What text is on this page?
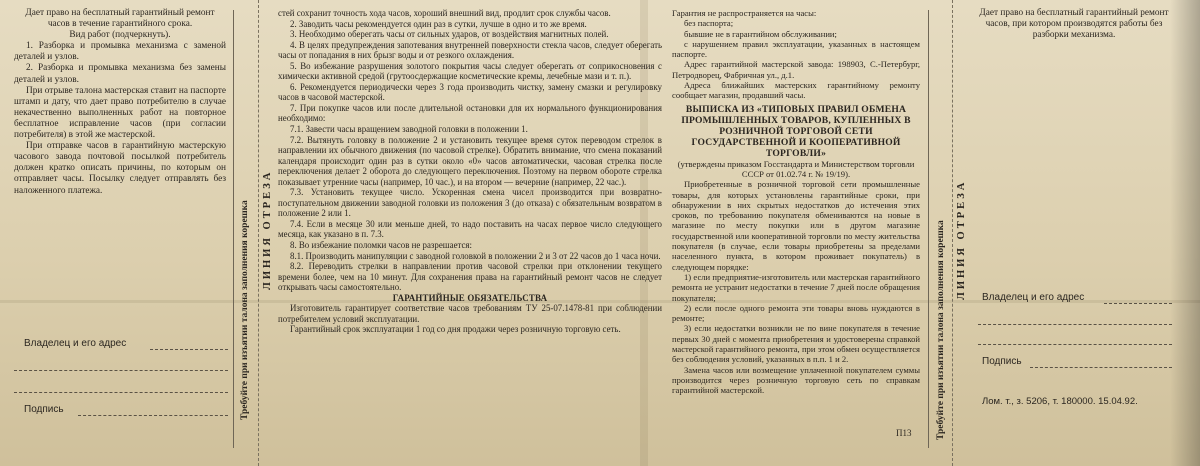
Дает право на бесплатный гарантийный ремонт часов в течение гарантийного срока.

Вид работ (подчеркнуть).

1. Разборка и промывка механизма с заменой деталей и узлов.

2. Разборка и промывка механизма без замены деталей и узлов.

При отрыве талона мастерская ставит на паспорте штамп и дату, что дает право потребителю в случае некачественно выполненных работ на повторное бесплатное исправление часов (при согласии потребителя) в этой же мастерской.

При отправке часов в гарантийную мастерскую часового завода почтовой посылкой потребитель должен кратко описать причины, по которым он отправляет часы. Посылку следует отправлять без наложенного платежа.

Владелец и его адрес
Подпись	Требуйте при изъятии талона заполнения корешка ЛИНИЯ ОТРЕЗА

стей сохранит точность хода часов, хороший внешний вид, продлит срок службы часов.

2. Заводить часы рекомендуется один раз в сутки, лучше в одно и то же время.

3. Необходимо оберегать часы от сильных ударов, от воздействия магнитных полей.

4. В целях предупреждения запотевания внутренней поверхности стекла часов, следует оберегать часы от попадания в них брызг воды и от резкого охлаждения.

5. Во избежание разрушения золотого покрытия часы следует оберегать от соприкосновения с химически активной средой (грутоосдержащие косметические кремы, лечебные мази и т. п.).

6. Рекомендуется периодически через 3 года производить чистку, замену смазки и регулировку часов в часовой мастерской.

7. При покупке часов или после длительной остановки для их нормального функционирования необходимо:

7.1. Завести часы вращением заводной головки в положении 1.

7.2. Вытянуть головку в положение 2 и установить текущее время суток переводом стрелок в направлении их обычного движения (по часовой стрелке). Обратить внимание, что смена показаний календаря происходит один раз в сутки около «0» часов автоматически, часовая стрелка после переключения делает 2 оборота до следующего переключения. Поэтому на первом обороте стрелка показывает утренние часы (например, 10 час.), и на втором — вечерние (например, 22 час.).

7.3. Установить текущее число. Ускоренная смена чисел производится при возвратно-поступательном движении заводной головки из положения 3 (до отказа) с обязательным возвратом в положение 2 или 1.

7.4. Если в месяце 30 или меньше дней, то надо поставить на часах первое число следующего месяца, как указано в п. 7.3.

8. Во избежание поломки часов не разрешается:

8.1. Производить манипуляции с заводной головкой в положении 2 и 3 от 22 часов до 1 часа ночи.

8.2. Переводить стрелки в направлении против часовой стрелки при отклонении текущего времени более, чем на 10 минут. Для сохранения права на гарантийный ремонт часов не следует открывать часы самостоятельно.

ГАРАНТИЙНЫЕ ОБЯЗАТЕЛЬСТВА

Изготовитель гарантирует соответствие часов требованиям ТУ 25-07.1478-81 при соблюдении потребителем условий эксплуатации.

Гарантийный срок эксплуатации 1 год со дня продажи через розничную торговую сеть.

Гарантия не распространяется на часы:

без паспорта;

бывшие не в гарантийном обслуживании;

с нарушением правил эксплуатации, указанных в настоящем паспорте.

Адрес гарантийной мастерской завода: 198903, С.-Петербург, Петродворец, Фабричная ул., д.1.

Адреса ближайших мастерских гарантийному ремонту сообщает магазин, продавший часы.

ВЫПИСКА ИЗ «ТИПОВЫХ ПРАВИЛ ОБМЕНА ПРОМЫШЛЕННЫХ ТОВАРОВ, КУПЛЕННЫХ В РОЗНИЧНОЙ ТОРГОВОЙ СЕТИ ГОСУДАРСТВЕННОЙ И КООПЕРАТИВНОЙ ТОРГОВЛИ»

(утверждены приказом Госстандарта и Министерством торговли СССР от 01.02.74 г. № 19/19).

Приобретенные в розничной торговой сети промышленные товары, для которых установлены гарантийные сроки, при обнаружении в них скрытых недостатков до истечения этих сроков, по требованию покупателя обмениваются на новые в магазине по месту покупки или в другом магазине государственной или кооперативной торговли по месту жительства покупателя (в случае, если товары приобретены за пределами населенного пункта, в котором проживает покупатель) в следующем порядке:

1) если предприятие-изготовитель или мастерская гарантийного ремонта не устранит недостатки в течение 7 дней после обращения покупателя;

2) если после одного ремонта эти товары вновь нуждаются в ремонте;

3) если недостатки возникли не по вине покупателя в течение первых 30 дней с момента приобретения и удостоверены справкой мастерской гарантийного ремонта, при этом обмен осуществляется без соблюдения условий, указанных в п.п. 1 и 2.

Замена часов или возмещение уплаченной покупателем суммы производится через розничную торговую сеть по справкам гарантийной мастерской.

П13	Требуйте при изъятии талона заполнения корешка ЛИНИЯ ОТРЕЗА

Дает право на бесплатный гарантийный ремонт часов, при котором производятся работы без разборки механизма.

Владелец и его адрес
Подпись
Лом. т., з. 5206, т. 180000. 15.04.92.
